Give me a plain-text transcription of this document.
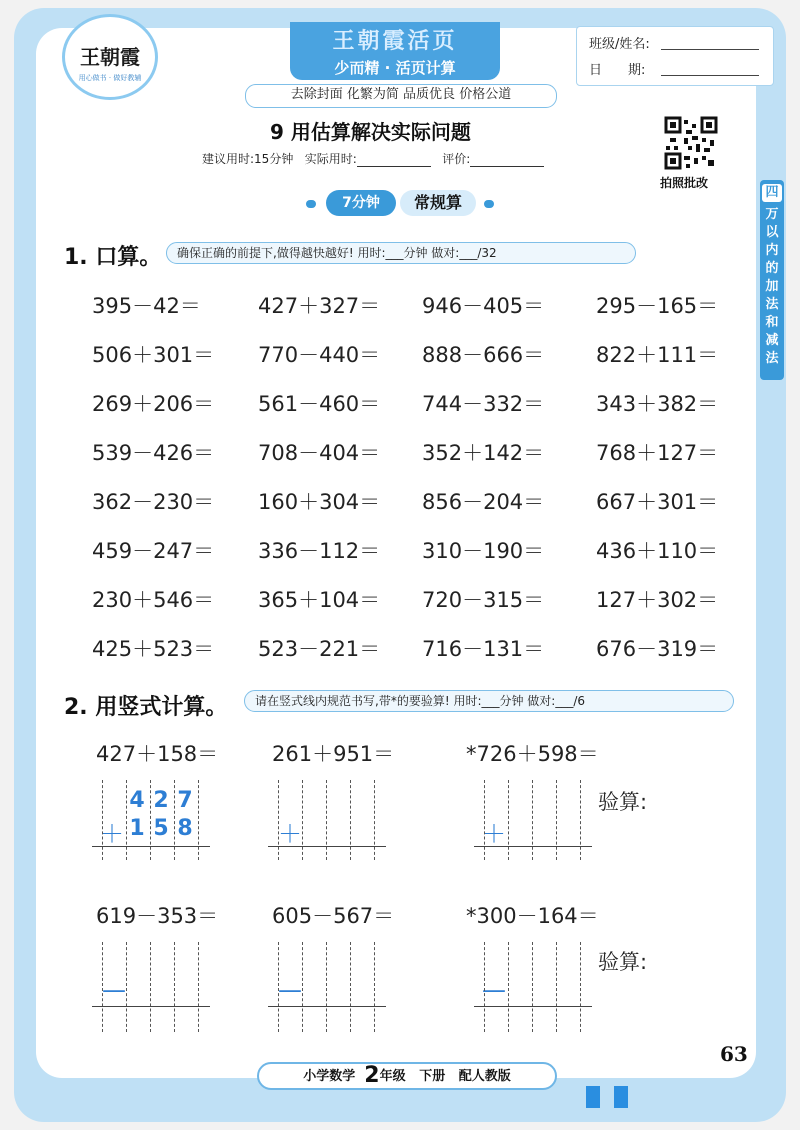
王朝霞
用心做书 · 做好教辅
王朝霞活页
少而精 · 活页计算
去除封面 化繁为简 品质优良 价格公道
班级/姓名:
日　　期:
9 用估算解决实际问题
建议用时:15分钟 实际用时:	评价:
拍照批改
四
万以内的加法和减法
7分钟	常规算
1. 口算。	确保正确的前提下,做得越快越好! 用时:___分钟 做对:___/32
395－42＝	427＋327＝ 946－405＝ 295－165＝
506＋301＝ 770－440＝ 888－666＝ 822＋111＝
269＋206＝ 561－460＝ 744－332＝ 343＋382＝
539－426＝ 708－404＝ 352＋142＝ 768＋127＝
362－230＝ 160＋304＝ 856－204＝ 667＋301＝
459－247＝ 336－112＝ 310－190＝ 436＋110＝
230＋546＝ 365＋104＝ 720－315＝ 127＋302＝
425＋523＝ 523－221＝ 716－131＝ 676－319＝
2. 用竖式计算。	请在竖式线内规范书写,带*的要验算! 用时:___分钟 做对:___/6
427＋158＝	261＋951＝	*726＋598＝
619－353＝	605－567＝	*300－164＝
验算:
验算:
4 2 7
＋ 1 5 8	＋	＋
—	—	—
63
小学数学 2年级 下册 配人教版
